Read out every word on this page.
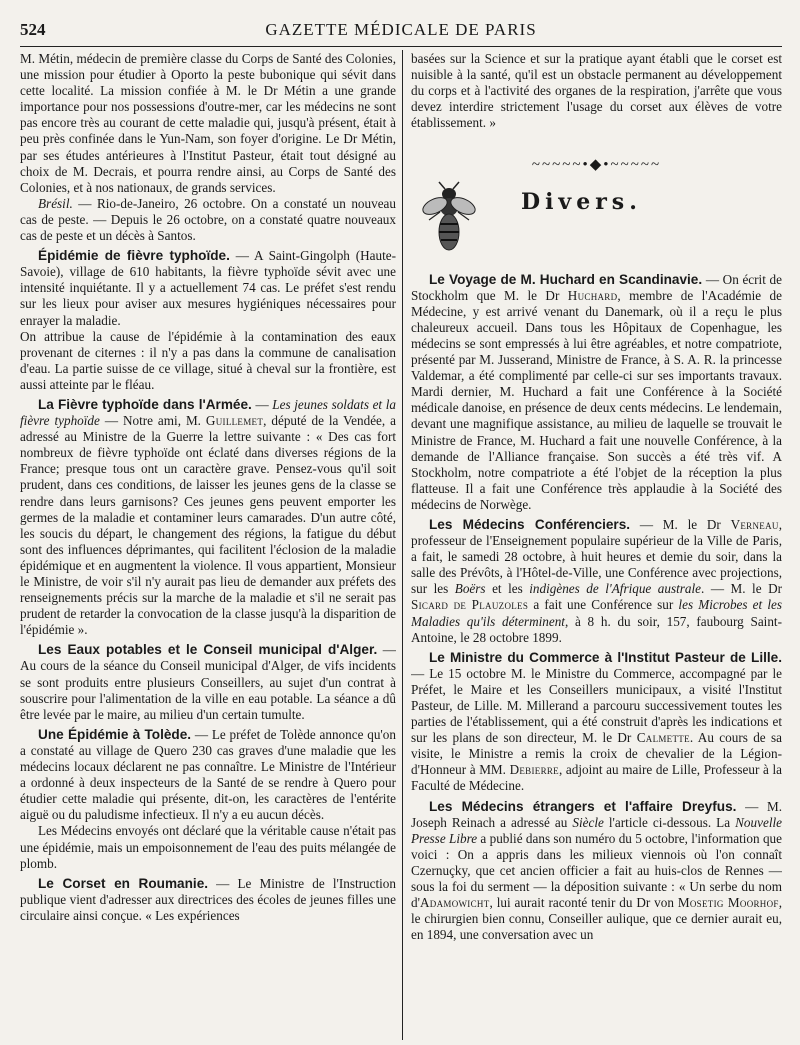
524	GAZETTE MÉDICALE DE PARIS

M. Métin, médecin de première classe du Corps de Santé des Colonies, une mission pour étudier à Oporto la peste bubonique qui sévit dans cette localité. La mission confiée à M. le Dr Métin a une grande importance pour nos possessions d'outre-mer, car les médecins ne sont pas encore très au courant de cette maladie qui, jusqu'à présent, était à peu près confinée dans le Yun-Nam, son foyer d'origine. Le Dr Métin, par ses études antérieures à l'Institut Pasteur, était tout désigné au choix de M. Decrais, et pourra rendre ainsi, au Corps de Santé des Colonies, et à nos nationaux, de grands services.

Brésil. — Rio-de-Janeiro, 26 octobre. On a constaté un nouveau cas de peste. — Depuis le 26 octobre, on a constaté quatre nouveaux cas de peste et un décès à Santos.

Épidémie de fièvre typhoïde. — A Saint-Gingolph (Haute-Savoie), village de 610 habitants, la fièvre typhoïde sévit avec une intensité inquiétante. Il y a actuellement 74 cas. Le préfet s'est rendu sur les lieux pour aviser aux mesures hygiéniques nécessaires pour enrayer la maladie.

On attribue la cause de l'épidémie à la contamination des eaux provenant de citernes : il n'y a pas dans la commune de canalisation d'eau. La partie suisse de ce village, situé à cheval sur la frontière, est aussi atteinte par le fléau.

La Fièvre typhoïde dans l'Armée. — Les jeunes soldats et la fièvre typhoïde — Notre ami, M. Guillemet, député de la Vendée, a adressé au Ministre de la Guerre la lettre suivante : « Des cas fort nombreux de fièvre typhoïde ont éclaté dans diverses régions de la France; presque tous ont un caractère grave. Pensez-vous qu'il soit prudent, dans ces conditions, de laisser les jeunes gens de la classe se rendre dans leurs garnisons? Ces jeunes gens peuvent emporter les germes de la maladie et contaminer leurs camarades. D'un autre côté, les soucis du départ, le changement des régions, la fatigue du début sont des influences déprimantes, qui facilitent l'éclosion de la maladie épidémique et en augmentent la violence. Il vous appartient, Monsieur le Ministre, de voir s'il n'y aurait pas lieu de demander aux préfets des renseignements précis sur la marche de la maladie et s'il ne serait pas prudent de retarder la convocation de la classe jusqu'à la disparition de l'épidémie ».

Les Eaux potables et le Conseil municipal d'Alger. — Au cours de la séance du Conseil municipal d'Alger, de vifs incidents se sont produits entre plusieurs Conseillers, au sujet d'un contrat à souscrire pour l'alimentation de la ville en eau potable. La séance a dû être levée par le maire, au milieu d'un certain tumulte.

Une Épidémie à Tolède. — Le préfet de Tolède annonce qu'on a constaté au village de Quero 230 cas graves d'une maladie que les médecins locaux déclarent ne pas connaître. Le Ministre de l'Intérieur a ordonné à deux inspecteurs de la Santé de se rendre à Quero pour étudier cette maladie qui présente, dit-on, les caractères de l'entérite aiguë ou du paludisme infectieux. Il n'y a eu aucun décès.

Les Médecins envoyés ont déclaré que la véritable cause n'était pas une épidémie, mais un empoisonnement de l'eau des puits mélangée de plomb.

Le Corset en Roumanie. — Le Ministre de l'Instruction publique vient d'adresser aux directrices des écoles de jeunes filles une circulaire ainsi conçue. « Les expériences

basées sur la Science et sur la pratique ayant établi que le corset est nuisible à la santé, qu'il est un obstacle permanent au développement du corps et à l'activité des organes de la respiration, j'arrête que vous devez interdire strictement l'usage du corset aux élèves de votre établissement. »

~~~~~•◆•~~~~~
Divers.

Le Voyage de M. Huchard en Scandinavie. — On écrit de Stockholm que M. le Dr Huchard, membre de l'Académie de Médecine, y est arrivé venant du Danemark, où il a reçu le plus chaleureux accueil. Dans tous les Hôpitaux de Copenhague, les médecins se sont empressés à lui être agréables, et notre compatriote, présenté par M. Jusserand, Ministre de France, à S. A. R. la princesse Valdemar, a été complimenté par celle-ci sur ses importants travaux. Mardi dernier, M. Huchard a fait une Conférence à la Société médicale danoise, en présence de deux cents médecins. Le lendemain, devant une magnifique assistance, au milieu de laquelle se trouvait le Ministre de France, M. Huchard a fait une nouvelle Conférence, à la demande de l'Alliance française. Son succès a été très vif. A Stockholm, notre compatriote a été l'objet de la réception la plus flatteuse. Il a fait une Conférence très applaudie à la Société des médecins de Norwège.

Les Médecins Conférenciers. — M. le Dr Verneau, professeur de l'Enseignement populaire supérieur de la Ville de Paris, a fait, le samedi 28 octobre, à huit heures et demie du soir, dans la salle des Prévôts, à l'Hôtel-de-Ville, une Conférence avec projections, sur les Boërs et les indigènes de l'Afrique australe. — M. le Dr Sicard de Plauzoles a fait une Conférence sur les Microbes et les Maladies qu'ils déterminent, à 8 h. du soir, 157, faubourg Saint-Antoine, le 28 octobre 1899.

Le Ministre du Commerce à l'Institut Pasteur de Lille. — Le 15 octobre M. le Ministre du Commerce, accompagné par le Préfet, le Maire et les Conseillers municipaux, a visité l'Institut Pasteur, de Lille. M. Millerand a parcouru successivement toutes les parties de l'établissement, qui a été construit d'après les indications et sur les plans de son directeur, M. le Dr Calmette. Au cours de sa visite, le Ministre a remis la croix de chevalier de la Légion-d'Honneur à MM. Debierre, adjoint au maire de Lille, Professeur à la Faculté de Médecine.

Les Médecins étrangers et l'affaire Dreyfus. — M. Joseph Reinach a adressé au Siècle l'article ci-dessous. La Nouvelle Presse Libre a publié dans son numéro du 5 octobre, l'information que voici : On a appris dans les milieux viennois où l'on connaît Czernuçky, que cet ancien officier a fait au huis-clos de Rennes — sous la foi du serment — la déposition suivante : « Un serbe du nom d'Adamowicht, lui aurait raconté tenir du Dr von Mosetig Moorhof, le chirurgien bien connu, Conseiller aulique, que ce dernier aurait eu, en 1894, une conversation avec un
